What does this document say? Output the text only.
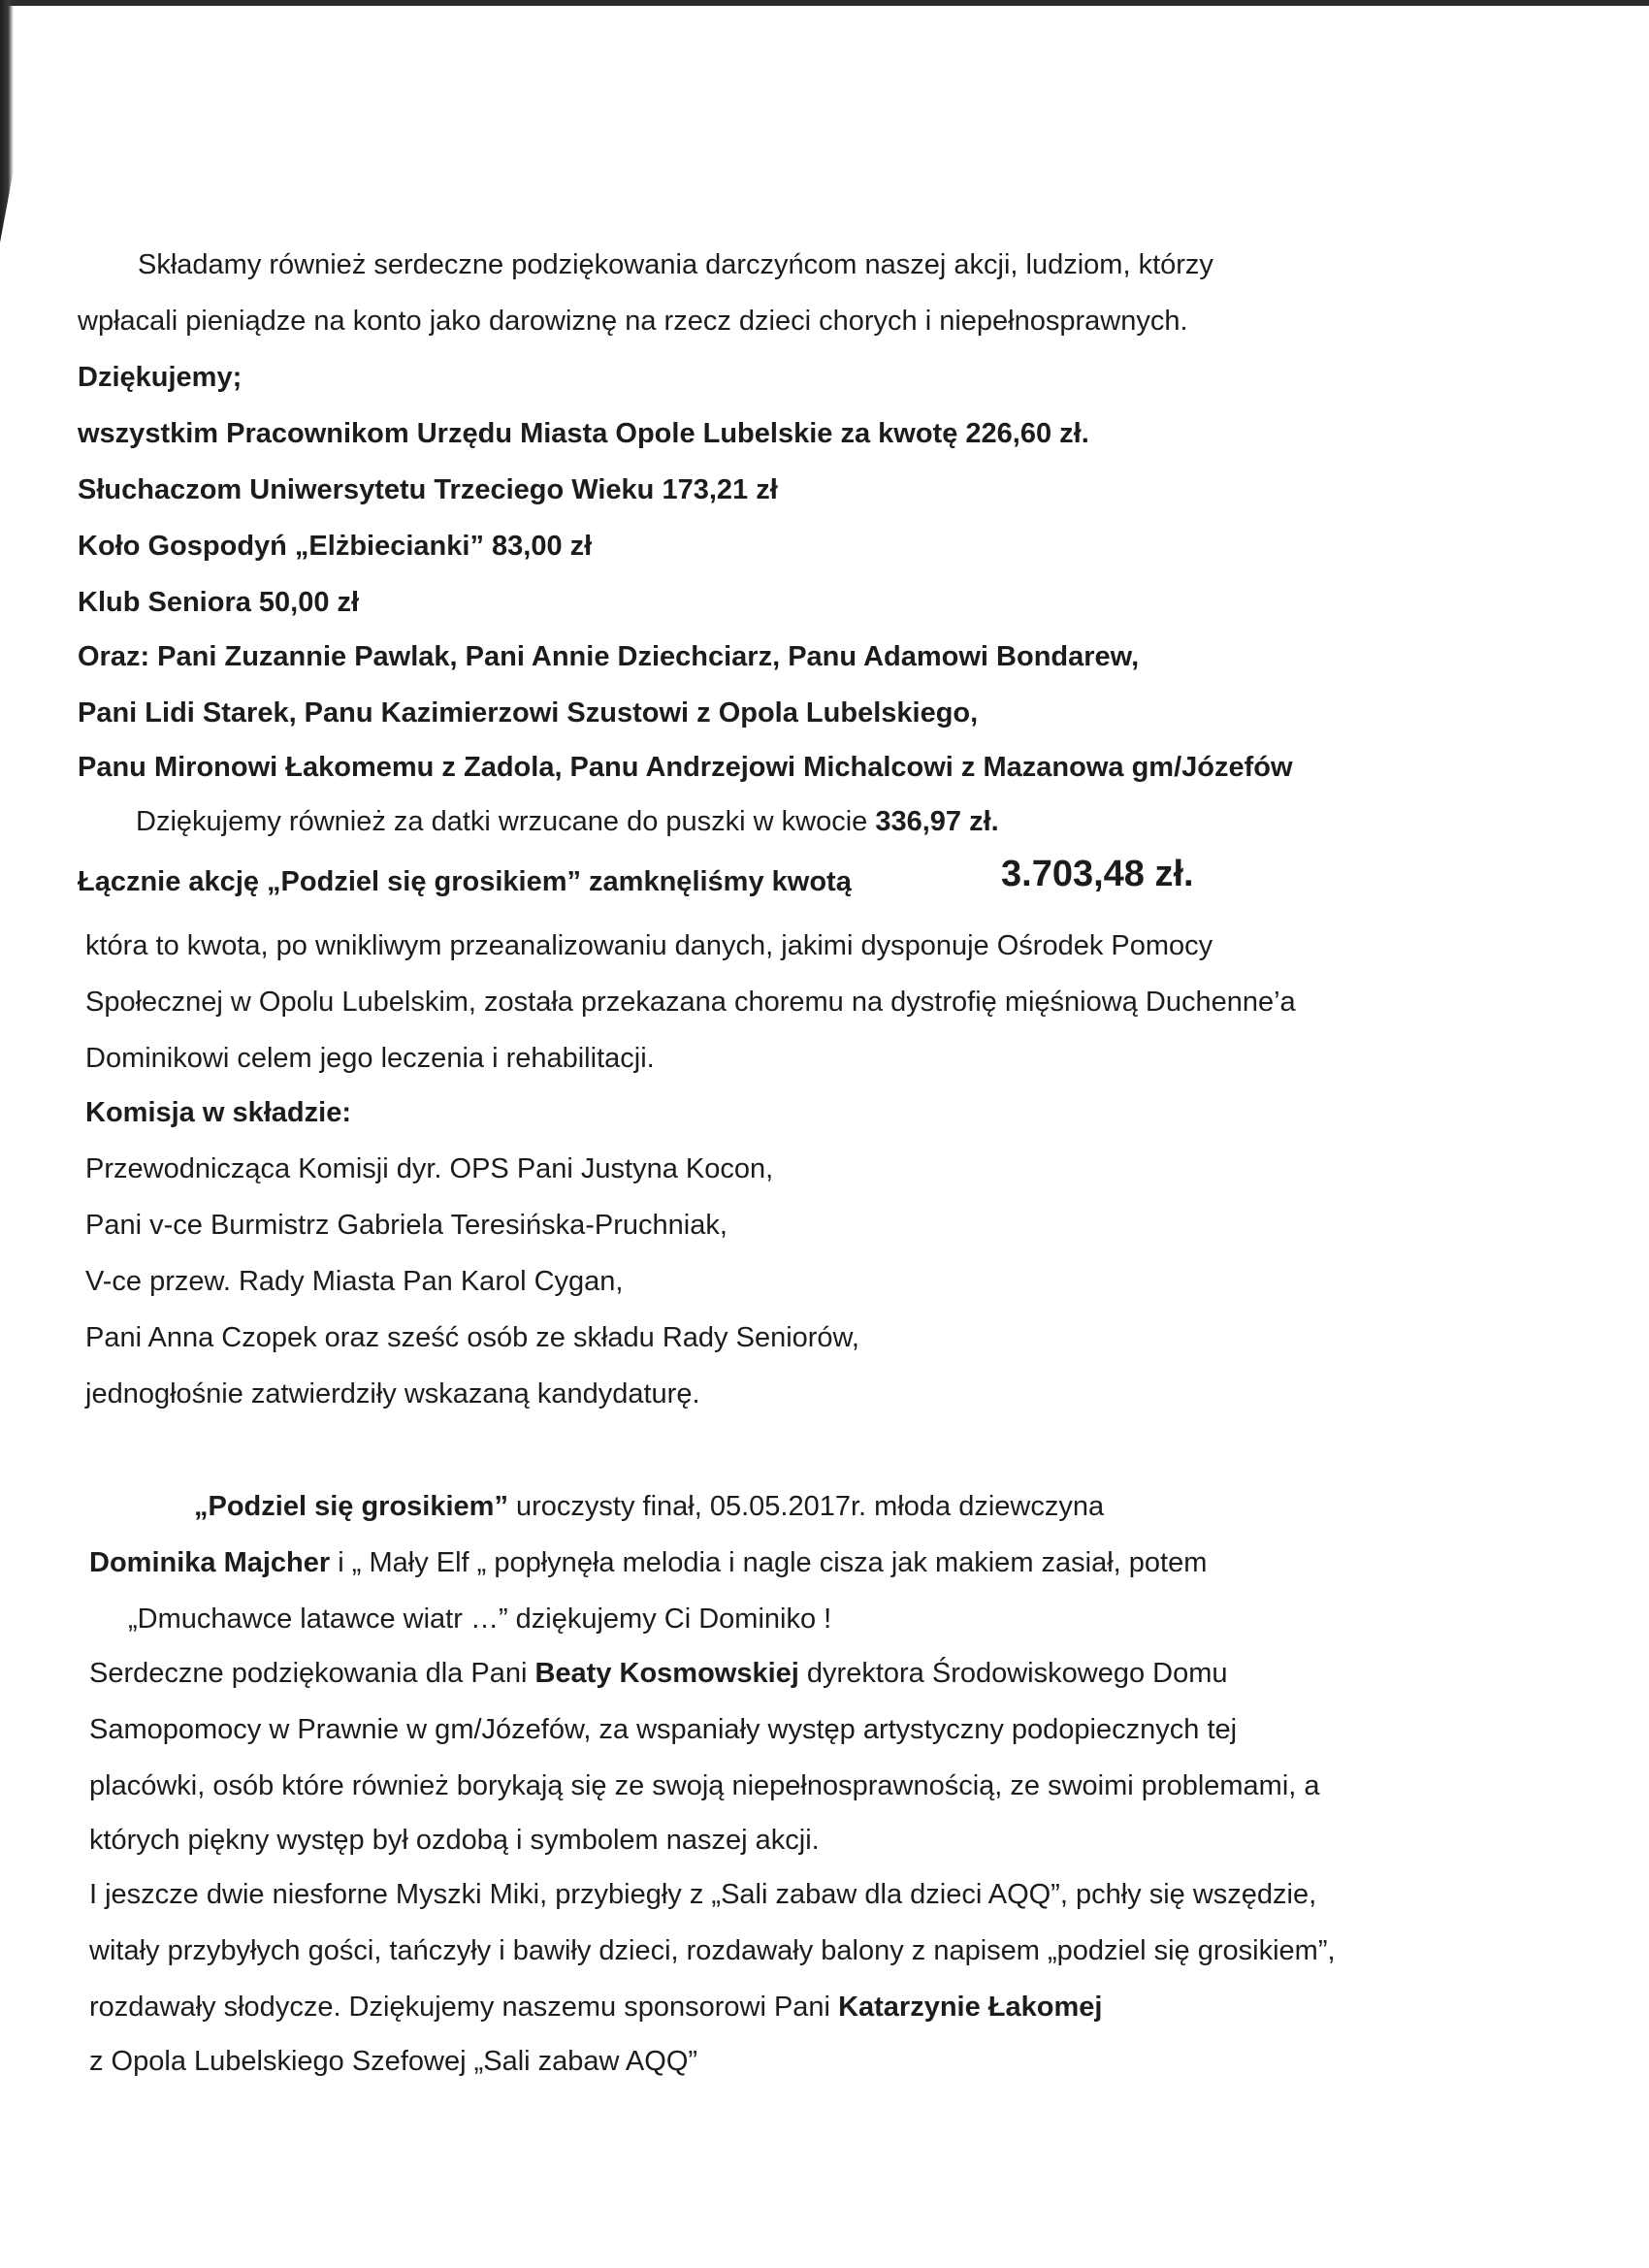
Składamy również serdeczne podziękowania darczyńcom naszej akcji, ludziom, którzy
wpłacali pieniądze na konto jako darowiznę na rzecz dzieci chorych i niepełnosprawnych.
Dziękujemy;
wszystkim Pracownikom Urzędu Miasta Opole Lubelskie za kwotę 226,60 zł.
Słuchaczom Uniwersytetu Trzeciego Wieku 173,21 zł
Koło Gospodyń „Elżbiecianki” 83,00 zł
Klub Seniora 50,00 zł
Oraz: Pani Zuzannie Pawlak, Pani Annie Dziechciarz, Panu Adamowi Bondarew,
Pani Lidi Starek, Panu Kazimierzowi Szustowi z Opola Lubelskiego,
Panu Mironowi Łakomemu z Zadola, Panu Andrzejowi Michalcowi z Mazanowa gm/Józefów
Dziękujemy również za datki wrzucane do puszki w kwocie 336,97 zł.
Łącznie akcję „Podziel się grosikiem” zamknęliśmy kwotą	3.703,48 zł.
która to kwota, po wnikliwym przeanalizowaniu danych, jakimi dysponuje Ośrodek Pomocy
Społecznej w Opolu Lubelskim, została przekazana choremu na dystrofię mięśniową Duchenne’a
Dominikowi celem jego leczenia i rehabilitacji.
Komisja w składzie:
Przewodnicząca Komisji dyr. OPS Pani Justyna Kocon,
Pani v-ce Burmistrz Gabriela Teresińska-Pruchniak,
V-ce przew. Rady Miasta Pan Karol Cygan,
Pani Anna Czopek oraz sześć osób ze składu Rady Seniorów,
jednogłośnie zatwierdziły wskazaną kandydaturę.
„Podziel się grosikiem” uroczysty finał, 05.05.2017r. młoda dziewczyna
Dominika Majcher i „ Mały Elf „ popłynęła melodia i nagle cisza jak makiem zasiał, potem
„Dmuchawce latawce wiatr …” dziękujemy Ci Dominiko !
Serdeczne podziękowania dla Pani Beaty Kosmowskiej dyrektora Środowiskowego Domu
Samopomocy w Prawnie w gm/Józefów, za wspaniały występ artystyczny podopiecznych tej
placówki, osób które również borykają się ze swoją niepełnosprawnością, ze swoimi problemami, a
których piękny występ był ozdobą i symbolem naszej akcji.
I jeszcze dwie niesforne Myszki Miki, przybiegły z „Sali zabaw dla dzieci AQQ”, pchły się wszędzie,
witały przybyłych gości, tańczyły i bawiły dzieci, rozdawały balony z napisem „podziel się grosikiem”,
rozdawały słodycze. Dziękujemy naszemu sponsorowi Pani Katarzynie Łakomej
z Opola Lubelskiego Szefowej „Sali zabaw AQQ”
